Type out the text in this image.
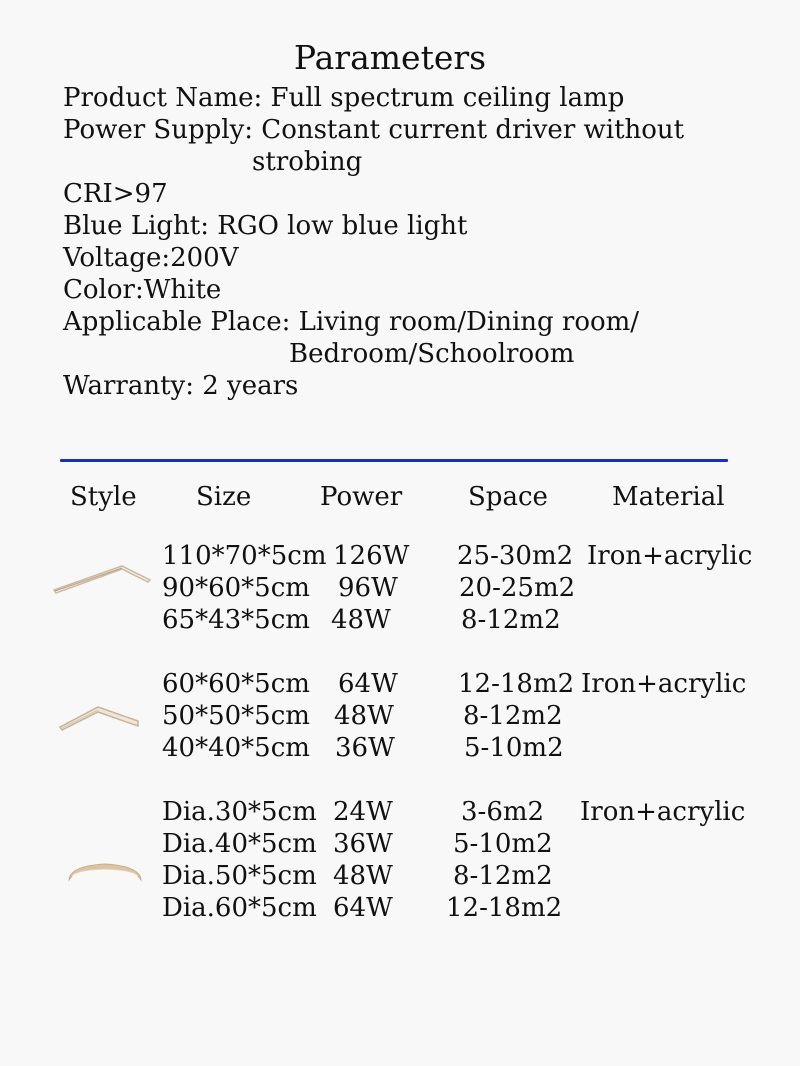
Parameters
Product Name: Full spectrum ceiling lamp
Power Supply: Constant current driver without
strobing
CRI>97
Blue Light: RGO low blue light
Voltage:200V
Color:White
Applicable Place: Living room/Dining room/
Bedroom/Schoolroom
Warranty: 2 years
Style Size	Power	Space Material
110*70*5cm 126W 25-30m2 Iron+acrylic
90*60*5cm 96W 20-25m2
65*43*5cm 48W	8-12m2
60*60*5cm 64W 12-18m2 Iron+acrylic
50*50*5cm 48W	8-12m2
40*40*5cm 36W	5-10m2
Dia.30*5cm 24W	3-6m2 Iron+acrylic
Dia.40*5cm 36W 5-10m2
Dia.50*5cm 48W 8-12m2
Dia.60*5cm 64W 12-18m2
